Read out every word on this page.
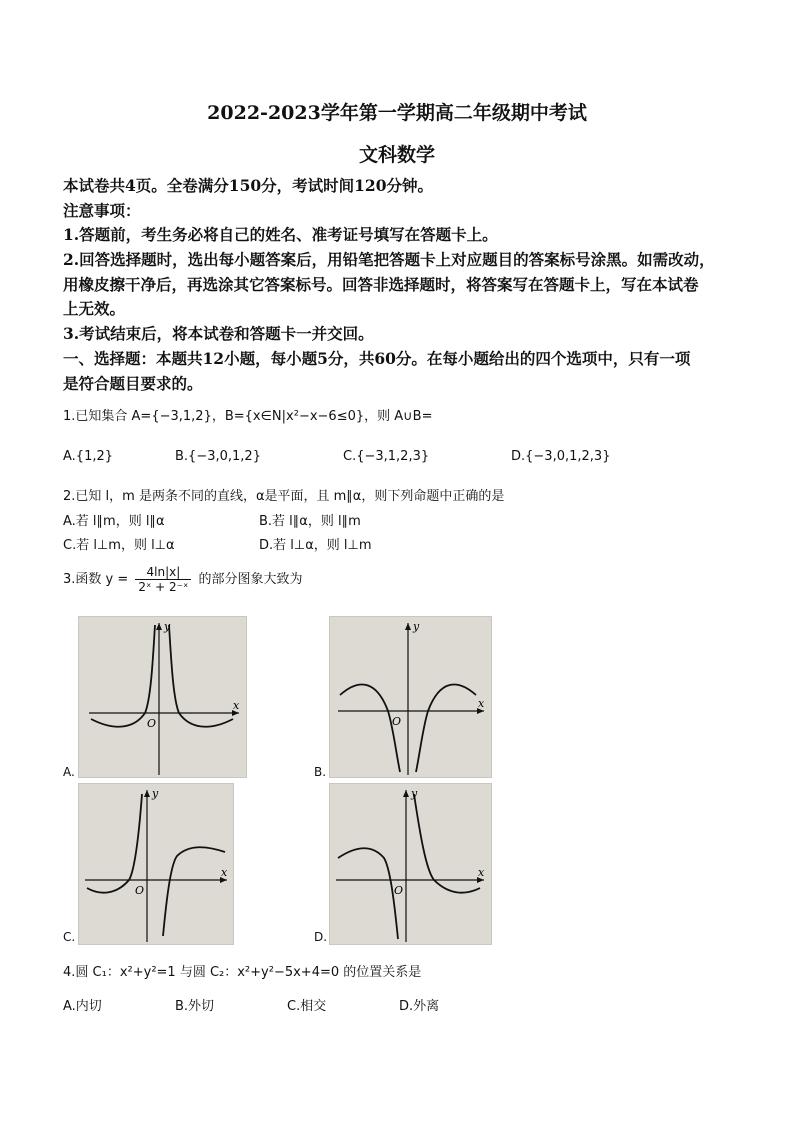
2022-2023学年第一学期高二年级期中考试
文科数学
本试卷共4页。全卷满分150分，考试时间120分钟。
注意事项：
1.答题前，考生务必将自己的姓名、准考证号填写在答题卡上。
2.回答选择题时，选出每小题答案后，用铅笔把答题卡上对应题目的答案标号涂黑。如需改动，
用橡皮擦干净后，再选涂其它答案标号。回答非选择题时，将答案写在答题卡上，写在本试卷
上无效。
3.考试结束后，将本试卷和答题卡一并交回。
一、选择题：本题共12小题，每小题5分，共60分。在每小题给出的四个选项中，只有一项
是符合题目要求的。
1.已知集合 A={−3,1,2}，B={x∈N|x²−x−6≤0}，则 A∪B=
A.{1,2}	B.{−3,0,1,2}	C.{−3,1,2,3}	D.{−3,0,1,2,3}
2.已知 l，m 是两条不同的直线，α是平面，且 m∥α，则下列命题中正确的是
A.若 l∥m，则 l∥α	B.若 l∥α，则 l∥m
C.若 l⊥m，则 l⊥α	D.若 l⊥α，则 l⊥m
3.函数 $y = \frac{4\ln|x|}{\text{2ˣ + 2⁻ˣ}}$ 的部分图象大致为
A.
y
x
O
B.
y
x
O
C.
y
x
O
D.
y
x
O
4.圆 C₁：x²+y²=1 与圆 C₂：x²+y²−5x+4=0 的位置关系是
A.内切	B.外切	C.相交	D.外离
